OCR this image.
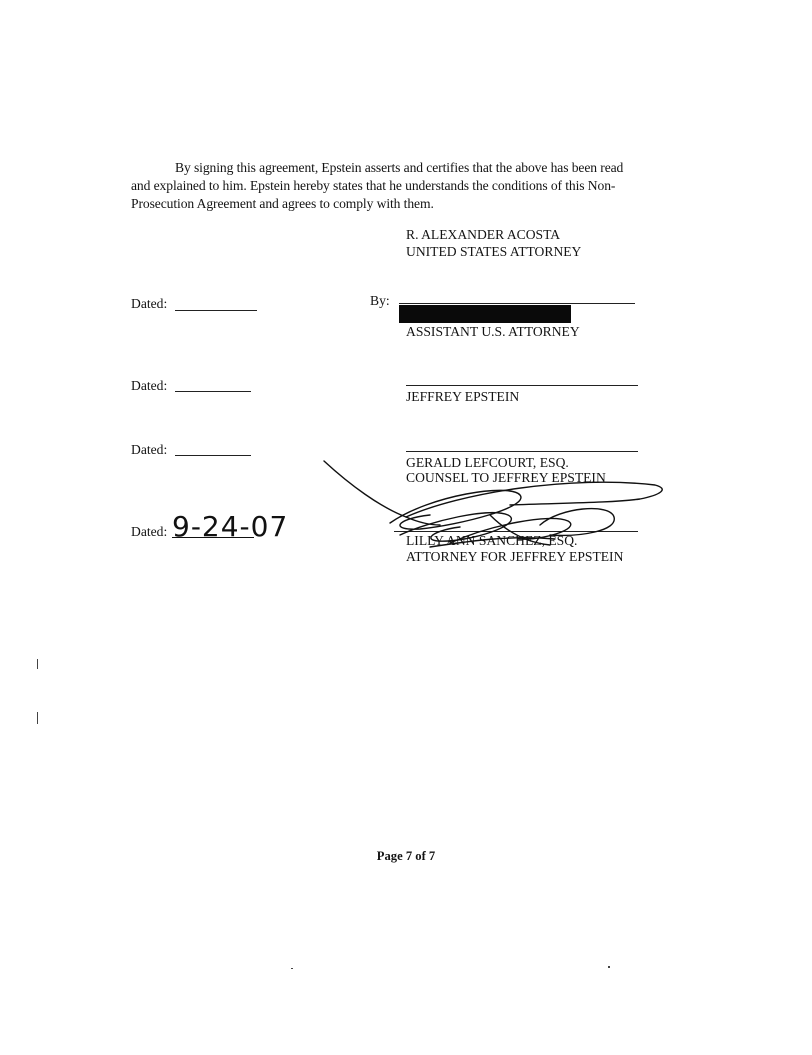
By signing this agreement, Epstein asserts and certifies that the above has been read
and explained to him. Epstein hereby states that he understands the conditions of this Non-
Prosecution Agreement and agrees to comply with them.
R. ALEXANDER ACOSTA
UNITED STATES ATTORNEY
Dated:	By:
ASSISTANT U.S. ATTORNEY
Dated:
JEFFREY EPSTEIN
Dated:
GERALD LEFCOURT, ESQ.
COUNSEL TO JEFFREY EPSTEIN
Dated: 9-24-07	LILLY ANN SANCHEZ, ESQ.
ATTORNEY FOR JEFFREY EPSTEIN
Page 7 of 7
